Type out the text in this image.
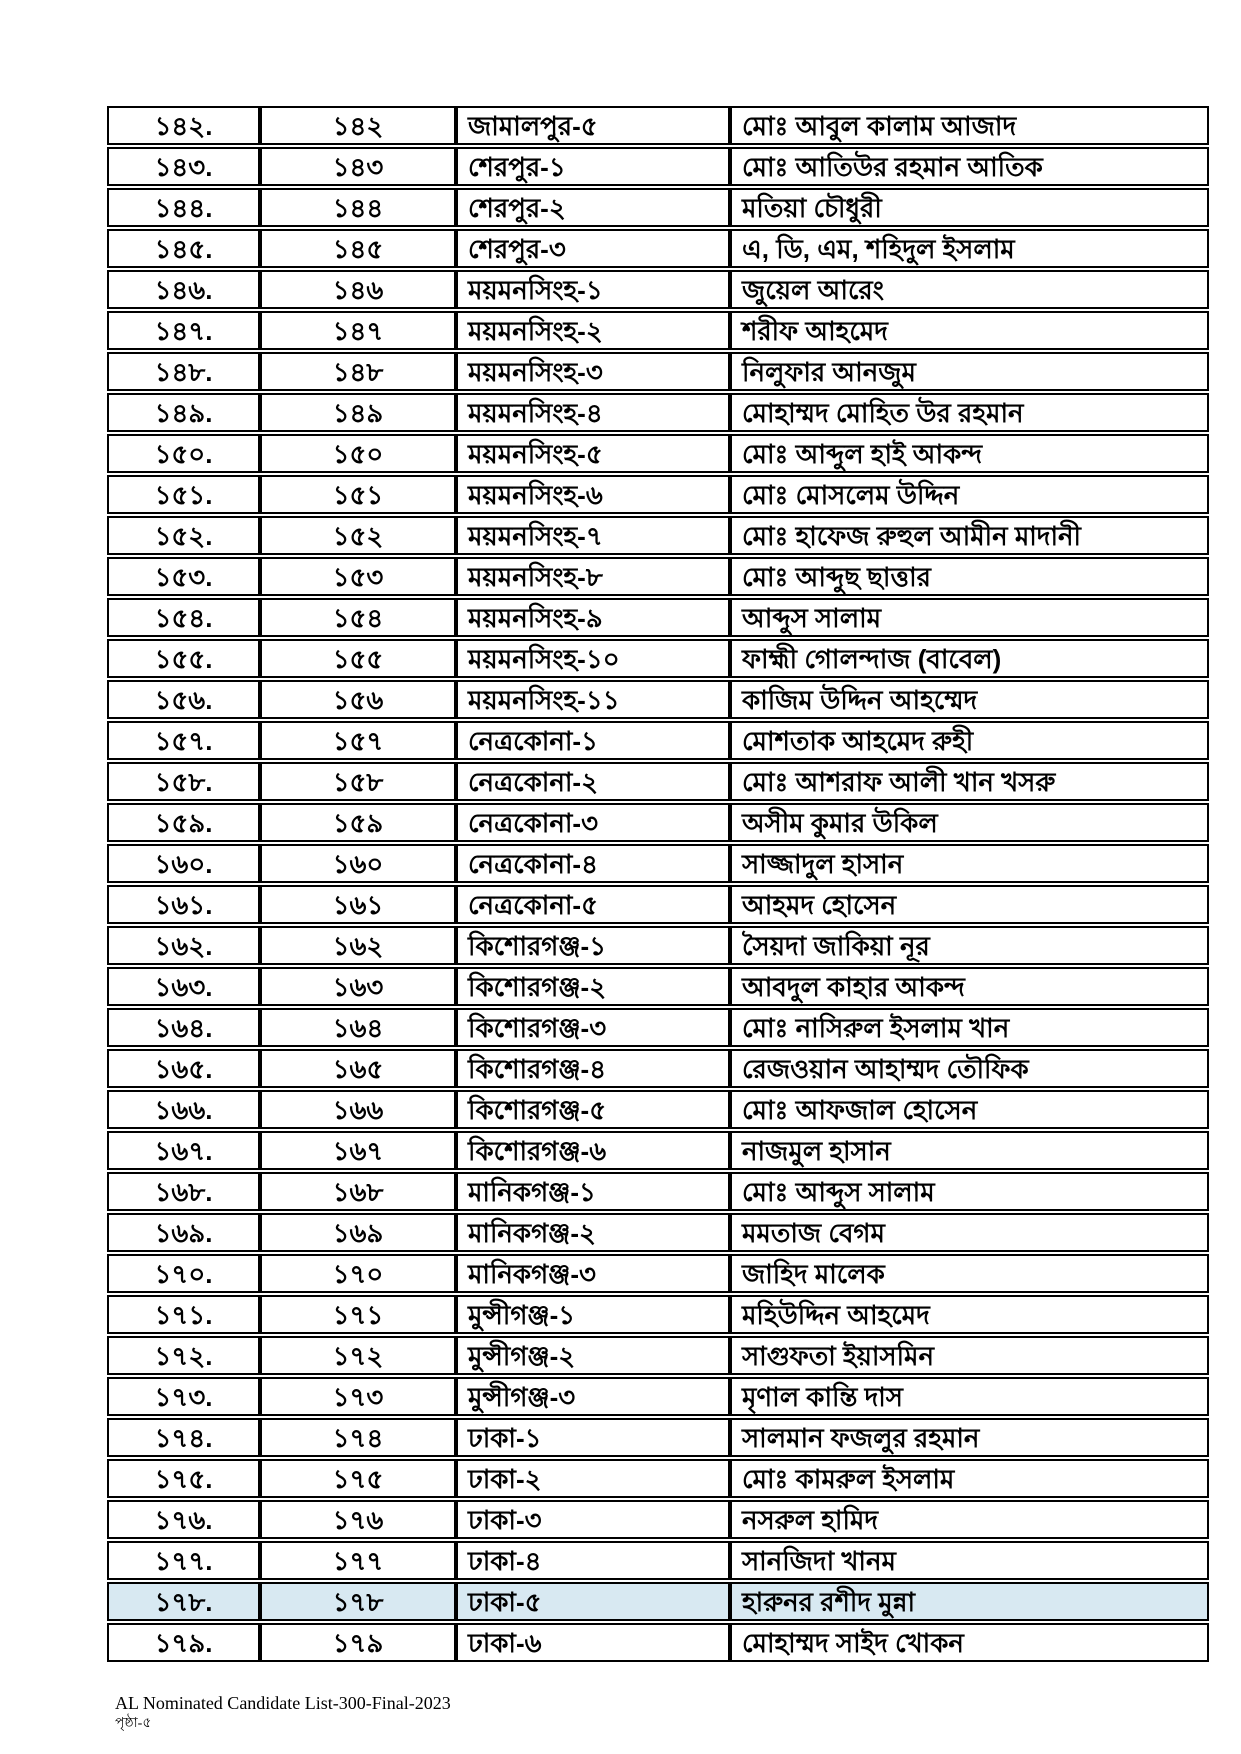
১৪২.	১৪২	জামালপুর-৫	মোঃ আবুল কালাম আজাদ
১৪৩.	১৪৩	শেরপুর-১	মোঃ আতিউর রহমান আতিক
১৪৪.	১৪৪	শেরপুর-২	মতিয়া চৌধুরী
১৪৫.	১৪৫	শেরপুর-৩	এ, ডি, এম, শহিদুল ইসলাম
১৪৬.	১৪৬	ময়মনসিংহ-১	জুয়েল আরেং
১৪৭.	১৪৭	ময়মনসিংহ-২	শরীফ আহমেদ
১৪৮.	১৪৮	ময়মনসিংহ-৩	নিলুফার আনজুম
১৪৯.	১৪৯	ময়মনসিংহ-৪	মোহাম্মদ মোহিত উর রহমান
১৫০.	১৫০	ময়মনসিংহ-৫	মোঃ আব্দুল হাই আকন্দ
১৫১.	১৫১	ময়মনসিংহ-৬	মোঃ মোসলেম উদ্দিন
১৫২.	১৫২	ময়মনসিংহ-৭	মোঃ হাফেজ রুহুল আমীন মাদানী
১৫৩.	১৫৩	ময়মনসিংহ-৮	মোঃ আব্দুছ ছাত্তার
১৫৪.	১৫৪	ময়মনসিংহ-৯	আব্দুস সালাম
১৫৫.	১৫৫	ময়মনসিংহ-১০	ফাহ্মী গোলন্দাজ (বাবেল)
১৫৬.	১৫৬	ময়মনসিংহ-১১	কাজিম উদ্দিন আহম্মেদ
১৫৭.	১৫৭	নেত্রকোনা-১	মোশতাক আহমেদ রুহী
১৫৮.	১৫৮	নেত্রকোনা-২	মোঃ আশরাফ আলী খান খসরু
১৫৯.	১৫৯	নেত্রকোনা-৩	অসীম কুমার উকিল
১৬০.	১৬০	নেত্রকোনা-৪	সাজ্জাদুল হাসান
১৬১.	১৬১	নেত্রকোনা-৫	আহমদ হোসেন
১৬২.	১৬২	কিশোরগঞ্জ-১	সৈয়দা জাকিয়া নূর
১৬৩.	১৬৩	কিশোরগঞ্জ-২	আবদুল কাহার আকন্দ
১৬৪.	১৬৪	কিশোরগঞ্জ-৩	মোঃ নাসিরুল ইসলাম খান
১৬৫.	১৬৫	কিশোরগঞ্জ-৪	রেজওয়ান আহাম্মদ তৌফিক
১৬৬.	১৬৬	কিশোরগঞ্জ-৫	মোঃ আফজাল হোসেন
১৬৭.	১৬৭	কিশোরগঞ্জ-৬	নাজমুল হাসান
১৬৮.	১৬৮	মানিকগঞ্জ-১	মোঃ আব্দুস সালাম
১৬৯.	১৬৯	মানিকগঞ্জ-২	মমতাজ বেগম
১৭০.	১৭০	মানিকগঞ্জ-৩	জাহিদ মালেক
১৭১.	১৭১	মুন্সীগঞ্জ-১	মহিউদ্দিন আহমেদ
১৭২.	১৭২	মুন্সীগঞ্জ-২	সাগুফতা ইয়াসমিন
১৭৩.	১৭৩	মুন্সীগঞ্জ-৩	মৃণাল কান্তি দাস
১৭৪.	১৭৪	ঢাকা-১	সালমান ফজলুর রহমান
১৭৫.	১৭৫	ঢাকা-২	মোঃ কামরুল ইসলাম
১৭৬.	১৭৬	ঢাকা-৩	নসরুল হামিদ
১৭৭.	১৭৭	ঢাকা-৪	সানজিদা খানম
১৭৮.	১৭৮	ঢাকা-৫	হারুনর রশীদ মুন্না
১৭৯.	১৭৯	ঢাকা-৬	মোহাম্মদ সাইদ খোকন
AL Nominated Candidate List-300-Final-2023
পৃষ্ঠা-৫
